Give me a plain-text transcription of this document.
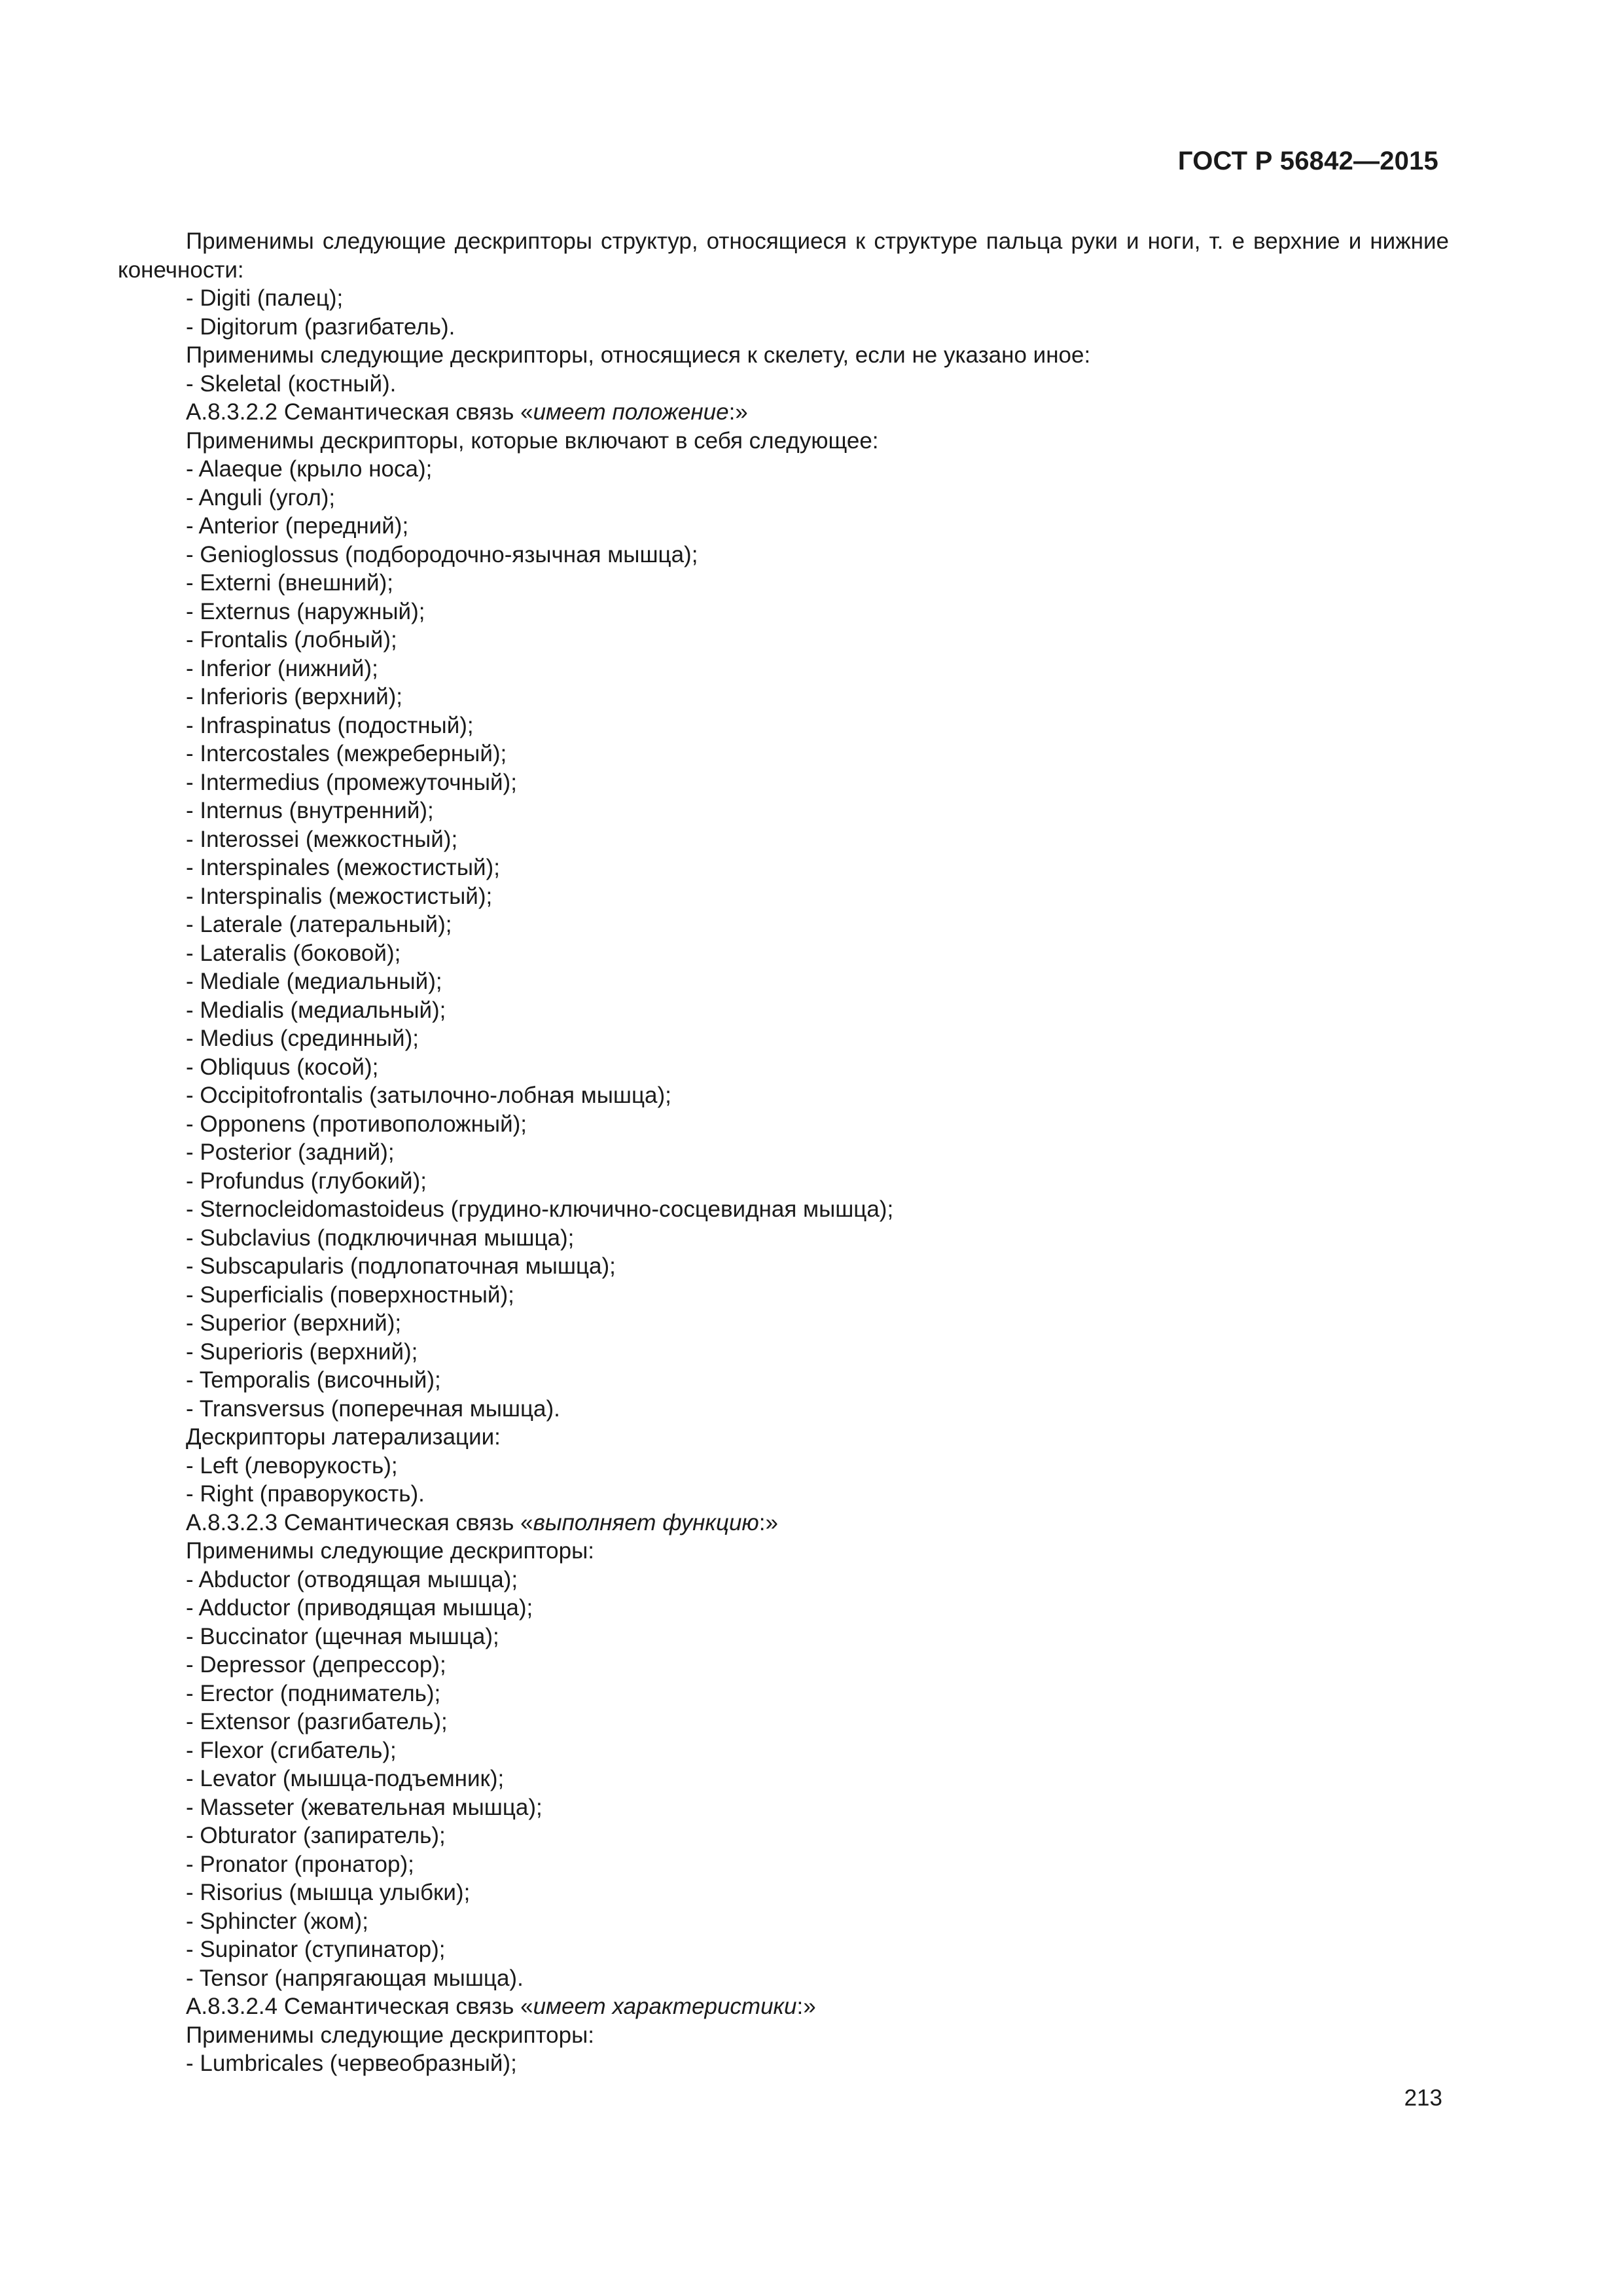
ГОСТ Р 56842—2015
Применимы следующие дескрипторы структур, относящиеся к структуре пальца руки и ноги, т. е верхние и нижние конечности:
- Digiti (палец);
- Digitorum (разгибатель).
Применимы следующие дескрипторы, относящиеся к скелету, если не указано иное:
- Skeletal (костный).
А.8.3.2.2 Семантическая связь «имеет положение:»
Применимы дескрипторы, которые включают в себя следующее:
- Alaeque (крыло носа);
- Anguli (угол);
- Anterior (передний);
- Genioglossus (подбородочно-язычная мышца);
- Externi (внешний);
- Externus (наружный);
- Frontalis (лобный);
- Inferior (нижний);
- Inferioris (верхний);
- Infraspinatus (подостный);
- Intercostales (межреберный);
- Intermedius (промежуточный);
- Internus (внутренний);
- Interossei (межкостный);
- Interspinales (межостистый);
- Interspinalis (межостистый);
- Laterale (латеральный);
- Lateralis (боковой);
- Mediale (медиальный);
- Medialis (медиальный);
- Medius (срединный);
- Obliquus (косой);
- Occipitofrontalis (затылочно-лобная мышца);
- Opponens (противоположный);
- Posterior (задний);
- Profundus (глубокий);
- Sternocleidomastoideus (грудино-ключично-сосцевидная мышца);
- Subclavius (подключичная мышца);
- Subscapularis (подлопаточная мышца);
- Superficialis (поверхностный);
- Superior (верхний);
- Superioris (верхний);
- Temporalis (височный);
- Transversus (поперечная мышца).
Дескрипторы латерализации:
- Left (леворукость);
- Right (праворукость).
А.8.3.2.3 Семантическая связь «выполняет функцию:»
Применимы следующие дескрипторы:
- Abductor (отводящая мышца);
- Adductor (приводящая мышца);
- Buccinator (щечная мышца);
- Depressor (депрессор);
- Erector (подниматель);
- Extensor (разгибатель);
- Flexor (сгибатель);
- Levator (мышца-подъемник);
- Masseter (жевательная мышца);
- Obturator (запиратель);
- Pronator (пронатор);
- Risorius (мышца улыбки);
- Sphincter (жом);
- Supinator (ступинатор);
- Tensor (напрягающая мышца).
А.8.3.2.4 Семантическая связь «имеет характеристики:»
Применимы следующие дескрипторы:
- Lumbricales (червеобразный);
213
